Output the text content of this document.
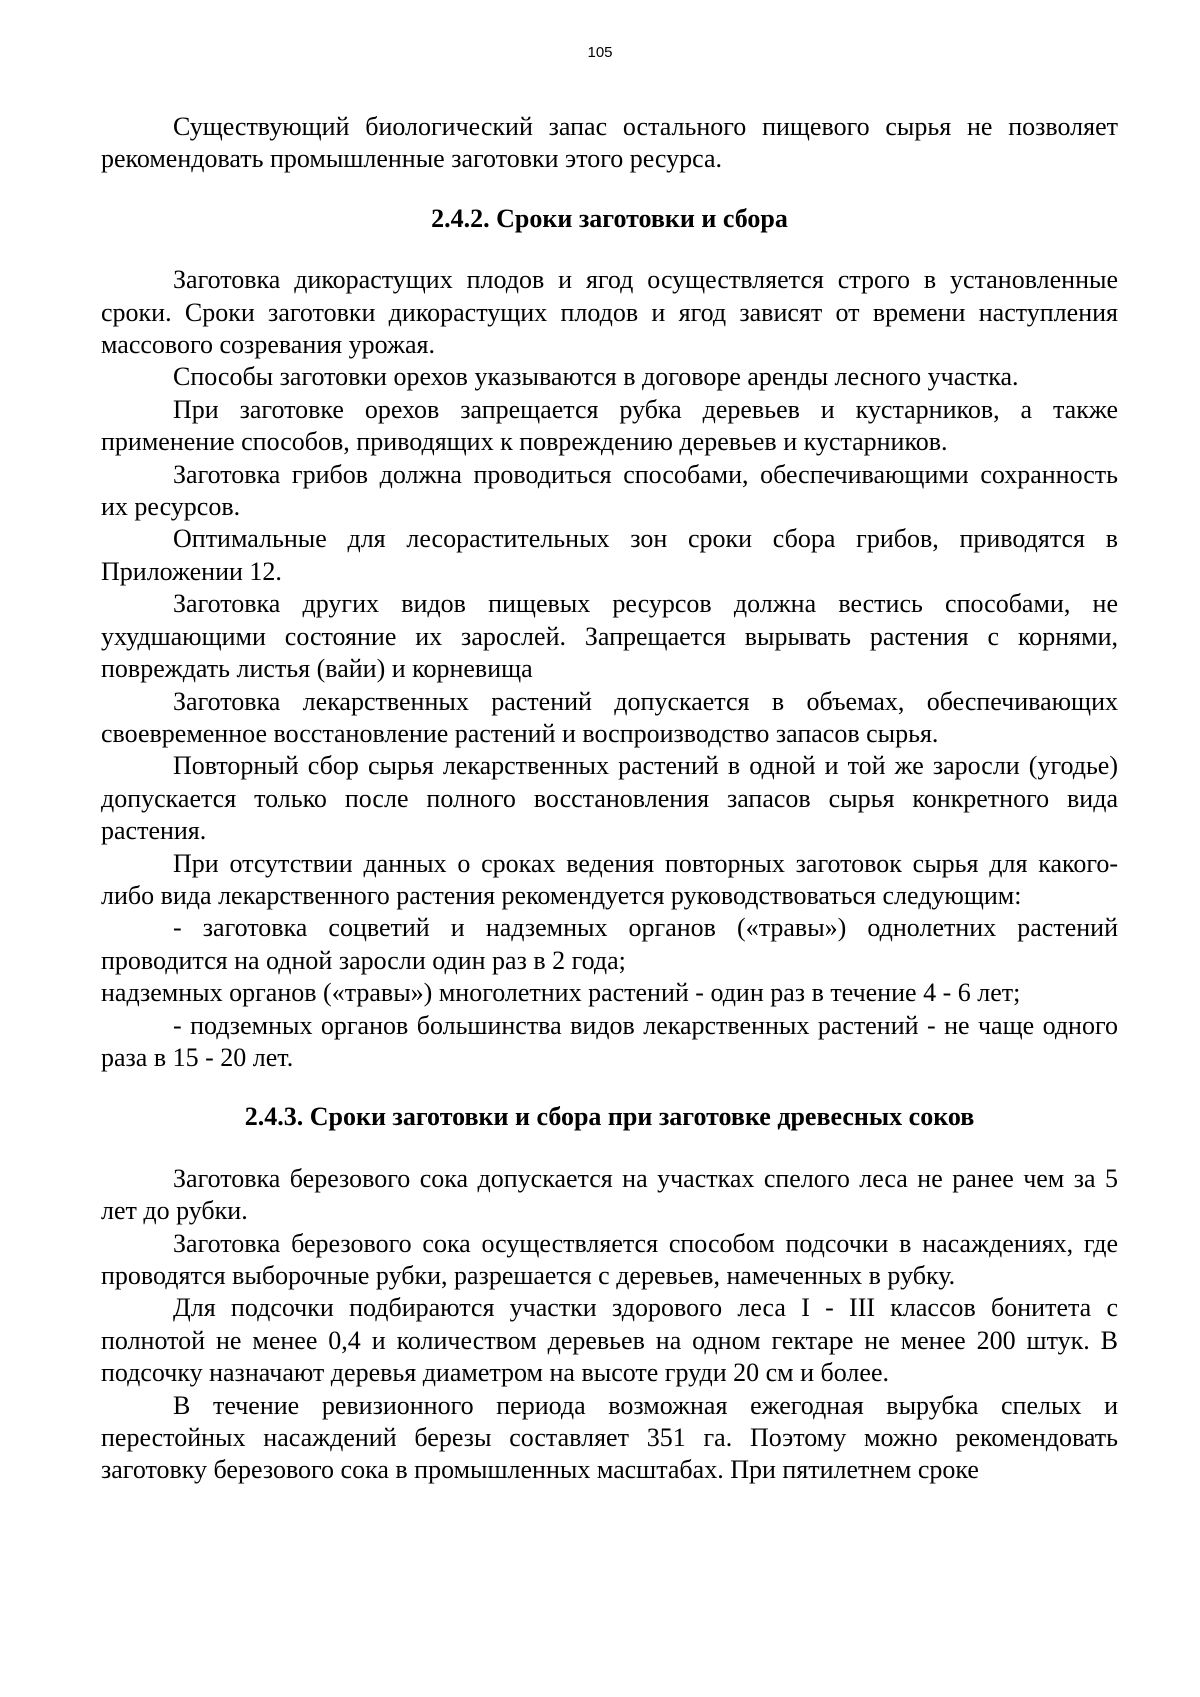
105

Существующий биологический запас остального пищевого сырья не позволяет рекомендовать промышленные заготовки этого ресурса.

2.4.2. Сроки заготовки и сбора

Заготовка дикорастущих плодов и ягод осуществляется строго в установленные сроки. Сроки заготовки дикорастущих плодов и ягод зависят от времени наступления массового созревания урожая.

Способы заготовки орехов указываются в договоре аренды лесного участка.

При заготовке орехов запрещается рубка деревьев и кустарников, а также применение способов, приводящих к повреждению деревьев и кустарников.

Заготовка грибов должна проводиться способами, обеспечивающими сохранность их ресурсов.

Оптимальные для лесорастительных зон сроки сбора грибов, приводятся в Приложении 12.

Заготовка других видов пищевых ресурсов должна вестись способами, не ухудшающими состояние их зарослей. Запрещается вырывать растения с корнями, повреждать листья (вайи) и корневища

Заготовка лекарственных растений допускается в объемах, обеспечивающих своевременное восстановление растений и воспроизводство запасов сырья.

Повторный сбор сырья лекарственных растений в одной и той же заросли (угодье) допускается только после полного восстановления запасов сырья конкретного вида растения.

При отсутствии данных о сроках ведения повторных заготовок сырья для какого-либо вида лекарственного растения рекомендуется руководствоваться следующим:

- заготовка соцветий и надземных органов («травы») однолетних растений проводится на одной заросли один раз в 2 года;

надземных органов («травы») многолетних растений - один раз в течение 4 - 6 лет;

- подземных органов большинства видов лекарственных растений - не чаще одного раза в 15 - 20 лет.

2.4.3. Сроки заготовки и сбора при заготовке древесных соков

Заготовка березового сока допускается на участках спелого леса не ранее чем за 5 лет до рубки.

Заготовка березового сока осуществляется способом подсочки в насаждениях, где проводятся выборочные рубки, разрешается с деревьев, намеченных в рубку.

Для подсочки подбираются участки здорового леса I - III классов бонитета с полнотой не менее 0,4 и количеством деревьев на одном гектаре не менее 200 штук. В подсочку назначают деревья диаметром на высоте груди 20 см и более.

В течение ревизионного периода возможная ежегодная вырубка спелых и перестойных насаждений березы составляет 351 га. Поэтому можно рекомендовать заготовку березового сока в промышленных масштабах. При пятилетнем сроке
